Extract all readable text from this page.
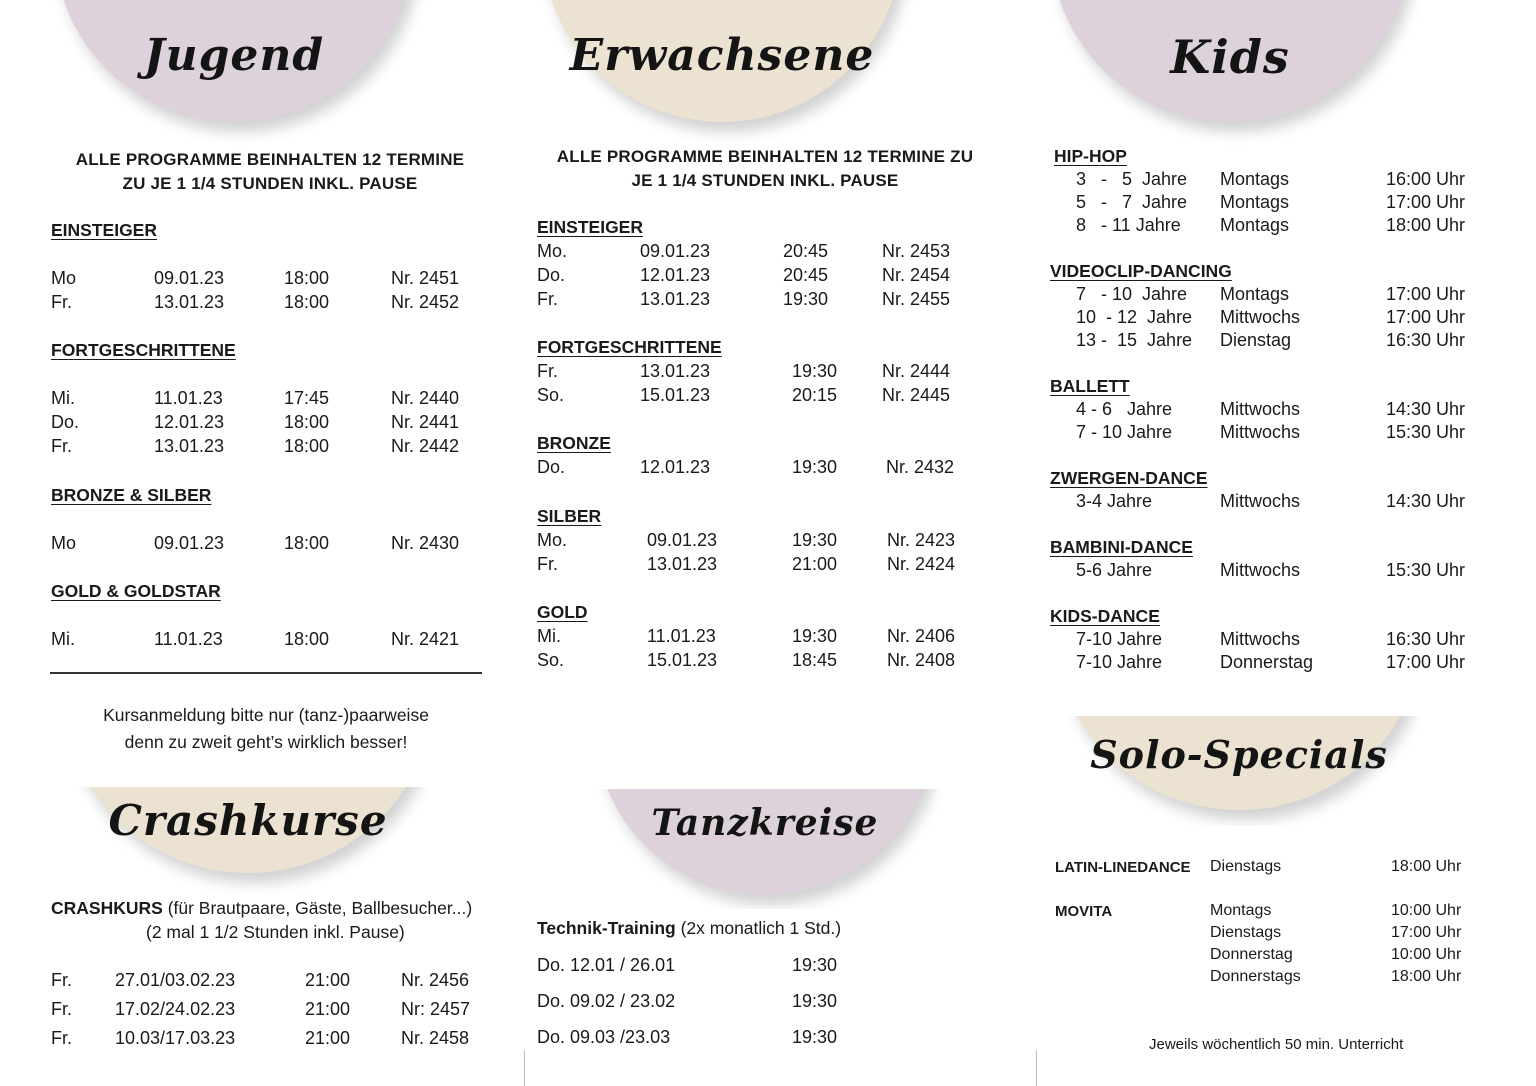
Jugend	Erwachsene	Kids
ALLE PROGRAMME BEINHALTEN 12 TERMINE
ZU JE 1 1/4 STUNDEN INKL. PAUSE
EINSTEIGER
Mo	09.01.23	18:00	Nr. 2451
Fr.	13.01.23	18:00	Nr. 2452
FORTGESCHRITTENE
Mi.	11.01.23	17:45	Nr. 2440
Do.	12.01.23	18:00	Nr. 2441
Fr.	13.01.23	18:00	Nr. 2442
BRONZE & SILBER
Mo	09.01.23	18:00	Nr. 2430
GOLD & GOLDSTAR
Mi.	11.01.23	18:00	Nr. 2421
Kursanmeldung bitte nur (tanz-)paarweise
denn zu zweit geht’s wirklich besser!
ALLE PROGRAMME BEINHALTEN 12 TERMINE ZU
JE 1 1/4 STUNDEN INKL. PAUSE
EINSTEIGER
Mo.	09.01.23	20:45	Nr. 2453
Do.	12.01.23	20:45	Nr. 2454
Fr.	13.01.23	19:30	Nr. 2455
FORTGESCHRITTENE
Fr.	13.01.23	19:30 Nr. 2444
So.	15.01.23	20:15 Nr. 2445
BRONZE
Do.	12.01.23	19:30	Nr. 2432
SILBER
Mo.	09.01.23	19:30	Nr. 2423
Fr.	13.01.23	21:00	Nr. 2424
GOLD
Mi.	11.01.23	19:30	Nr. 2406
So.	15.01.23	18:45	Nr. 2408
HIP-HOP
3   -   5  Jahre Montags	16:00 Uhr
5   -   7  Jahre Montags	17:00 Uhr
8   - 11 Jahre Montags	18:00 Uhr
VIDEOCLIP-DANCING
7   - 10  Jahre Montags	17:00 Uhr
10  - 12  Jahre Mittwochs	17:00 Uhr
13 -  15  Jahre Dienstag	16:30 Uhr
BALLETT
4 - 6   Jahre	Mittwochs	14:30 Uhr
7 - 10 Jahre	Mittwochs	15:30 Uhr
ZWERGEN-DANCE
3-4 Jahre	Mittwochs	14:30 Uhr
BAMBINI-DANCE
5-6 Jahre	Mittwochs	15:30 Uhr
KIDS-DANCE
7-10 Jahre	Mittwochs	16:30 Uhr
7-10 Jahre	Donnerstag	17:00 Uhr
Crashkurse	Tanzkreise
Solo-Specials
CRASHKURS (für Brautpaare, Gäste, Ballbesucher...)
(2 mal 1 1/2 Stunden inkl. Pause)
Fr. 27.01/03.02.23	21:00	Nr. 2456
Fr. 17.02/24.02.23	21:00	Nr: 2457
Fr. 10.03/17.03.23	21:00	Nr. 2458
Technik-Training (2x monatlich 1 Std.)
Do. 12.01 / 26.01	19:30
Do. 09.02 / 23.02	19:30
Do. 09.03 /23.03	19:30
LATIN-LINEDANCE Dienstags	18:00 Uhr
MOVITA	Montags	10:00 Uhr
Dienstags	17:00 Uhr
Donnerstag	10:00 Uhr
Donnerstags	18:00 Uhr
Jeweils wöchentlich 50 min. Unterricht
